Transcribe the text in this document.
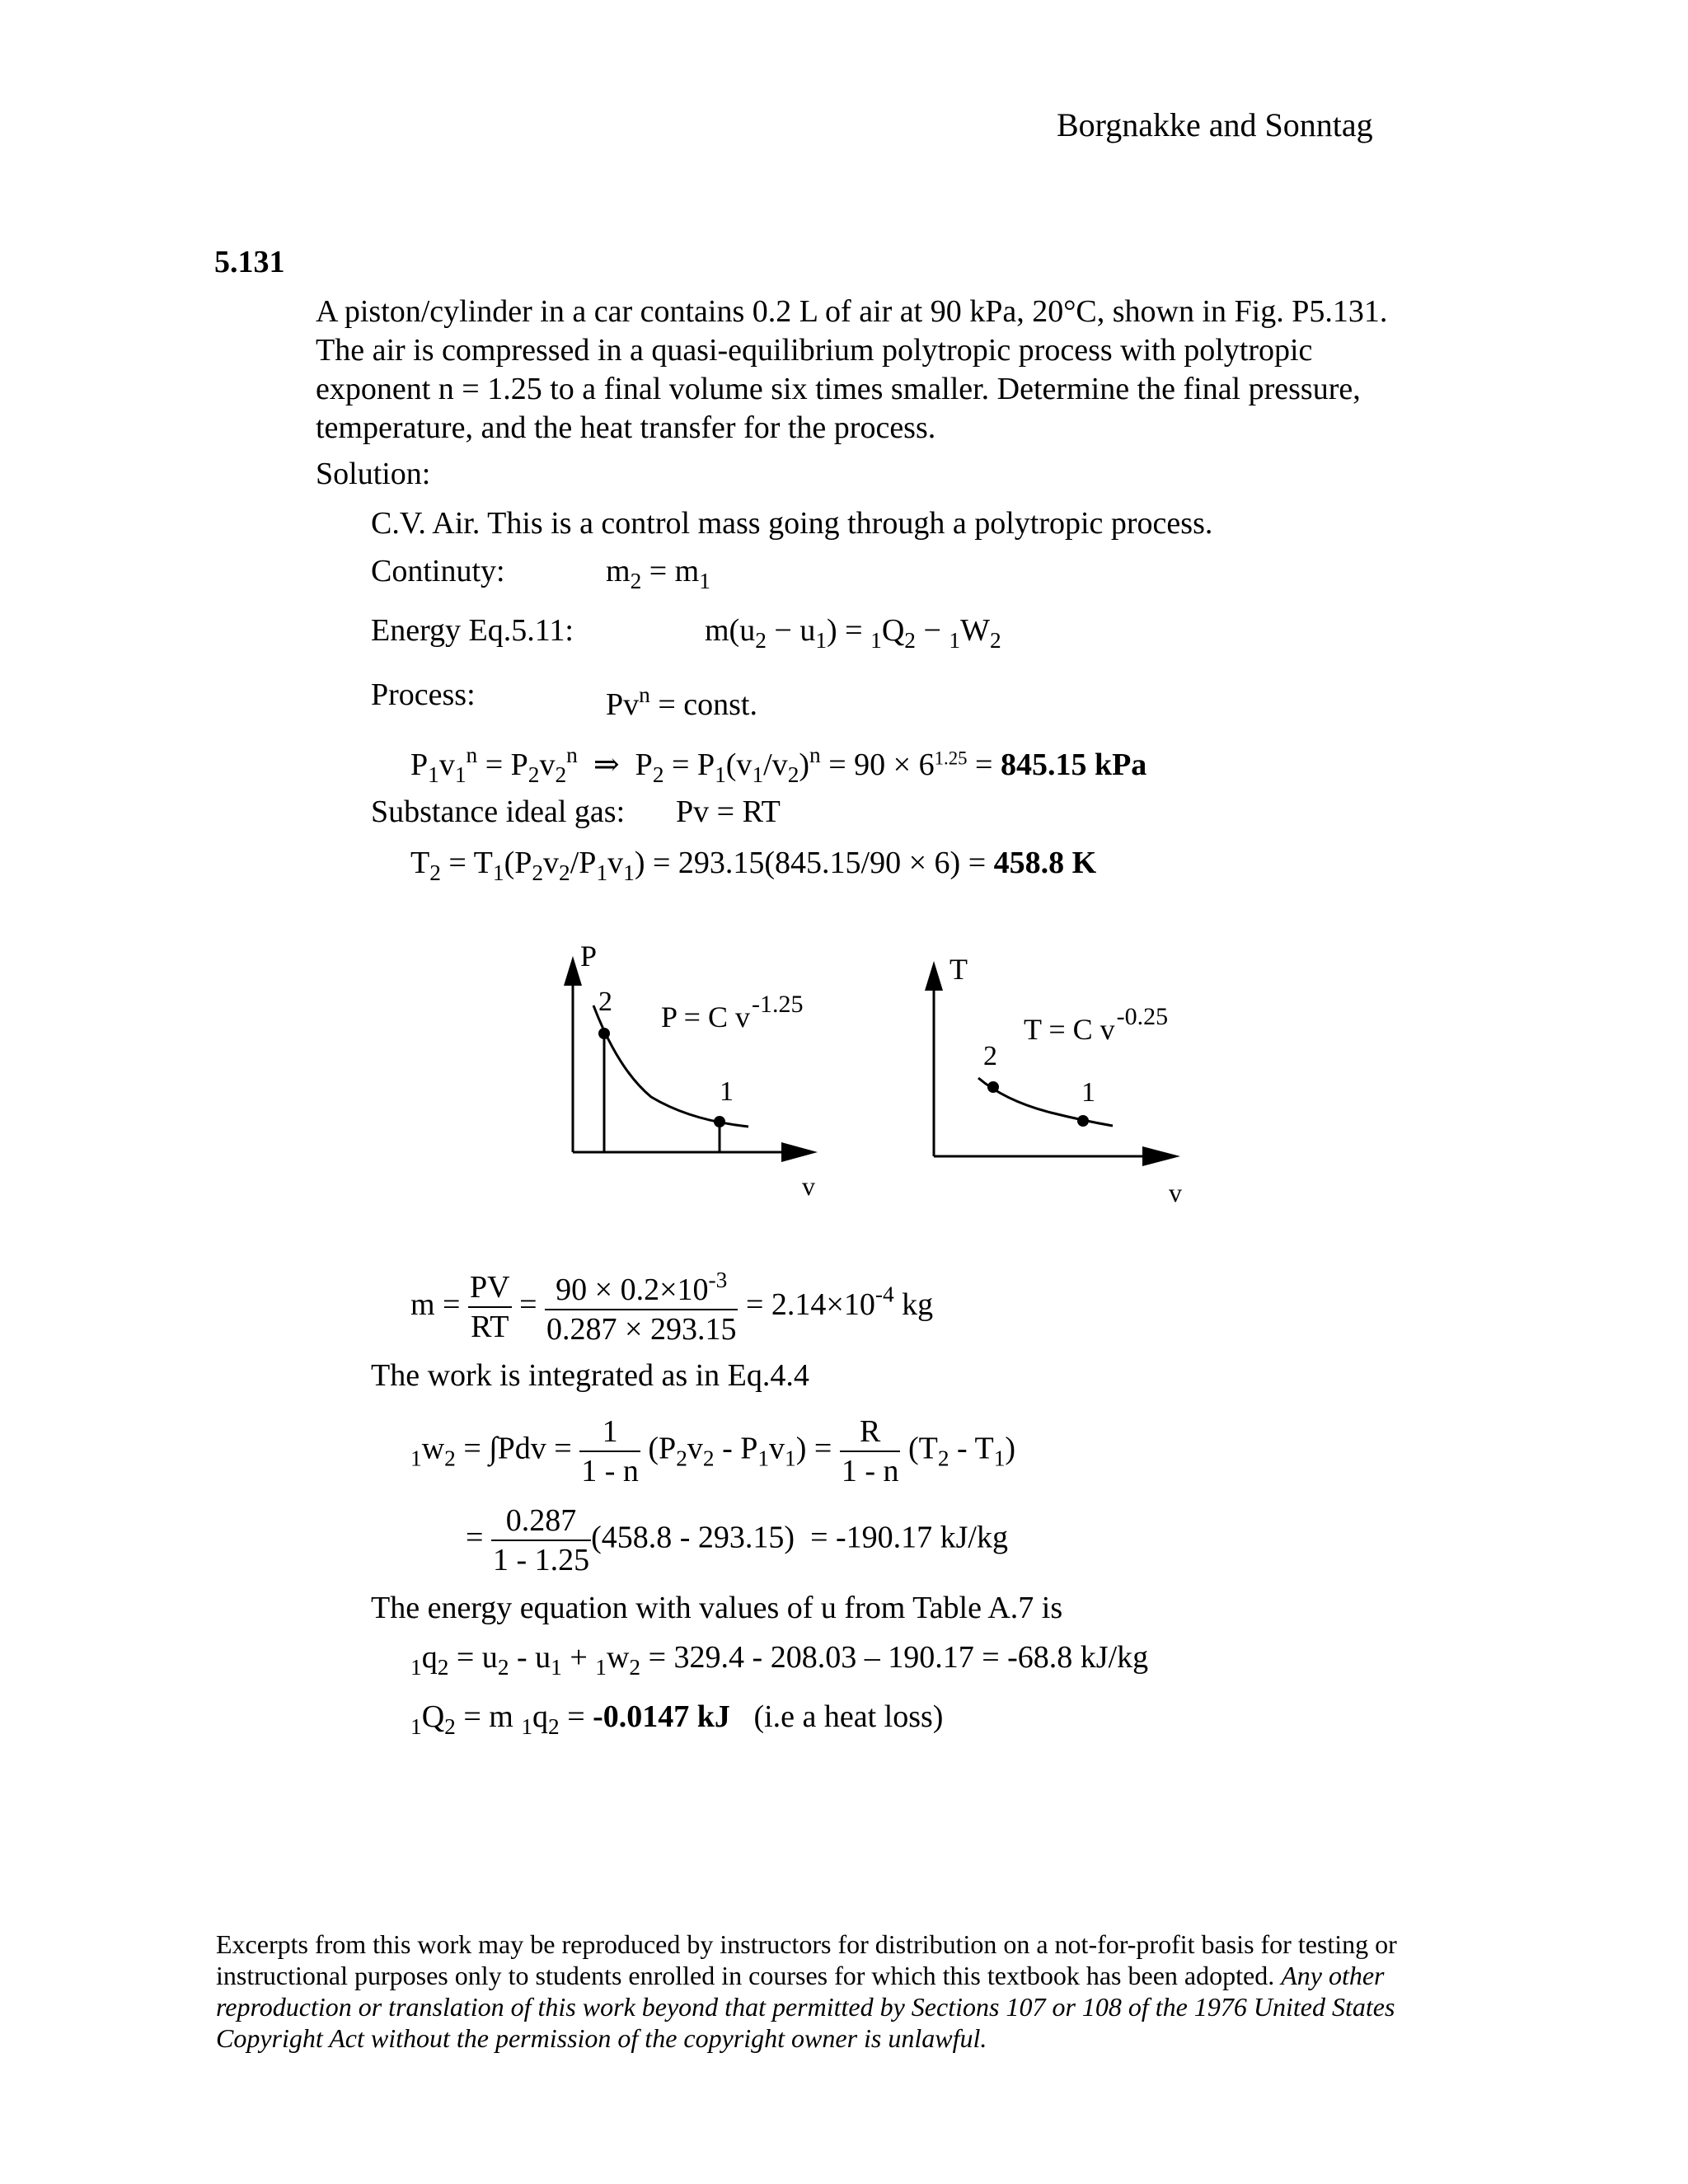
Borgnakke and Sonntag
5.131
A piston/cylinder in a car contains 0.2 L of air at 90 kPa, 20°C, shown in Fig. P5.131.
The air is compressed in a quasi-equilibrium polytropic process with polytropic
exponent n = 1.25 to a final volume six times smaller. Determine the final pressure,
temperature, and the heat transfer for the process.
Solution:
C.V. Air. This is a control mass going through a polytropic process.
Continuty:	$m_2 = m_1$
Energy Eq.5.11:	$m(u_2 - u_1) = _1Q_2 - _1W_2$
Process:	$Pv^n$ = const.
$P_1v_1^n = P_2v_2^n$  ⇒  $P_2 = P_1(v_1/v_2)^n = 90 \times 6^{1.25} = 845.15$ kPa
Substance ideal gas: Pv = RT
$T_2 = T_1(P_2v_2/P_1v_1) = 293.15(845.15/90 \times 6) = 458.8$ K
P
v
2
1
P = C $v^{-1.25}$
T
v
2
1
T = C $v^{-0.25}$
$m = \frac{PV}{RT} = \frac{90 \times 0.2\times 10^{-3}}{0.287 \times 293.15} = 2.14\times 10^{-4}$ kg
The work is integrated as in Eq.4.4
$_1w_2 = \int Pdv = \frac{1}{1 - n} (P_2v_2 - P_1v_1) = \frac{R}{1 - n} (T_2 - T_1)$
= $\frac{0.287}{1 - 1.25} (458.8 - 293.15) = -190.17$ kJ/kg
The energy equation with values of u from Table A.7 is
$_1q_2 = u_2 - u_1 + _1w_2 = 329.4 - 208.03 - 190.17 = -68.8$ kJ/kg
$_1Q_2 = m$ $_1q_2 = -0.0147$ kJ (i.e a heat loss)
Excerpts from this work may be reproduced by instructors for distribution on a not-for-profit basis for testing or instructional purposes only to students enrolled in courses for which this textbook has been adopted. Any other reproduction or translation of this work beyond that permitted by Sections 107 or 108 of the 1976 United States Copyright Act without the permission of the copyright owner is unlawful.
